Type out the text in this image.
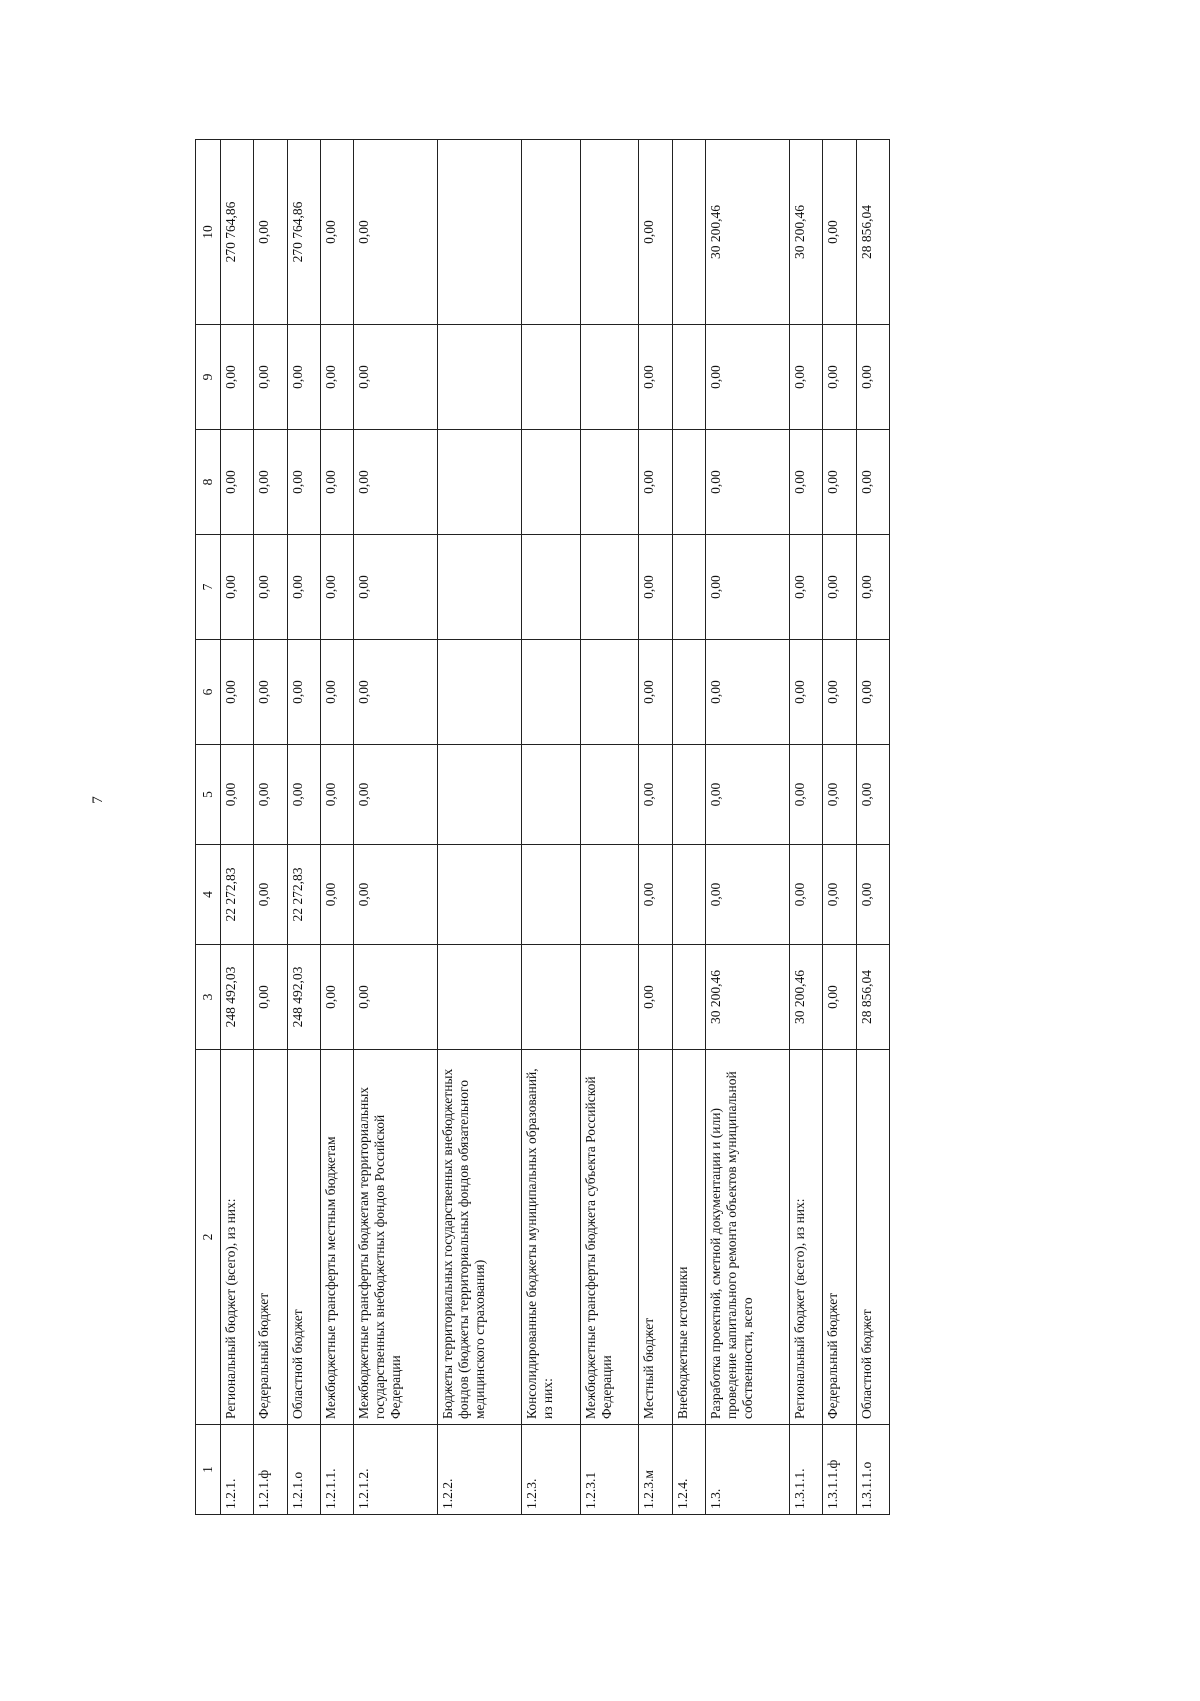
7
1	2	3	4	5	6	7	8	9	10
1.2.1.	Региональный бюджет (всего), из них:	248 492,03	22 272,83	0,00	0,00	0,00	0,00	0,00	270 764,86
1.2.1.ф	Федеральный бюджет	0,00	0,00	0,00	0,00	0,00	0,00	0,00	0,00
1.2.1.о	Областной бюджет	248 492,03	22 272,83	0,00	0,00	0,00	0,00	0,00	270 764,86
1.2.1.1.	Межбюджетные трансферты местным бюджетам	0,00	0,00	0,00	0,00	0,00	0,00	0,00	0,00
1.2.1.2.	Межбюджетные трансферты бюджетам территориальных государственных внебюджетных фондов Российской Федерации	0,00	0,00	0,00	0,00	0,00	0,00	0,00	0,00
1.2.2.	Бюджеты территориальных государственных внебюджетных фондов (бюджеты территориальных фондов обязательного медицинского страхования)								
1.2.3.	Консолидированные бюджеты муниципальных образований, из них:								
1.2.3.1	Межбюджетные трансферты бюджета субъекта Российской Федерации								
1.2.3.м	Местный бюджет	0,00	0,00	0,00	0,00	0,00	0,00	0,00	0,00
1.2.4.	Внебюджетные источники								
1.3.	Разработка проектной, сметной документации и (или) проведение капитального ремонта объектов муниципальной собственности, всего	30 200,46	0,00	0,00	0,00	0,00	0,00	0,00	30 200,46
1.3.1.1.	Региональный бюджет (всего), из них:	30 200,46	0,00	0,00	0,00	0,00	0,00	0,00	30 200,46
1.3.1.1.ф	Федеральный бюджет	0,00	0,00	0,00	0,00	0,00	0,00	0,00	0,00
1.3.1.1.о	Областной бюджет	28 856,04	0,00	0,00	0,00	0,00	0,00	0,00	28 856,04
